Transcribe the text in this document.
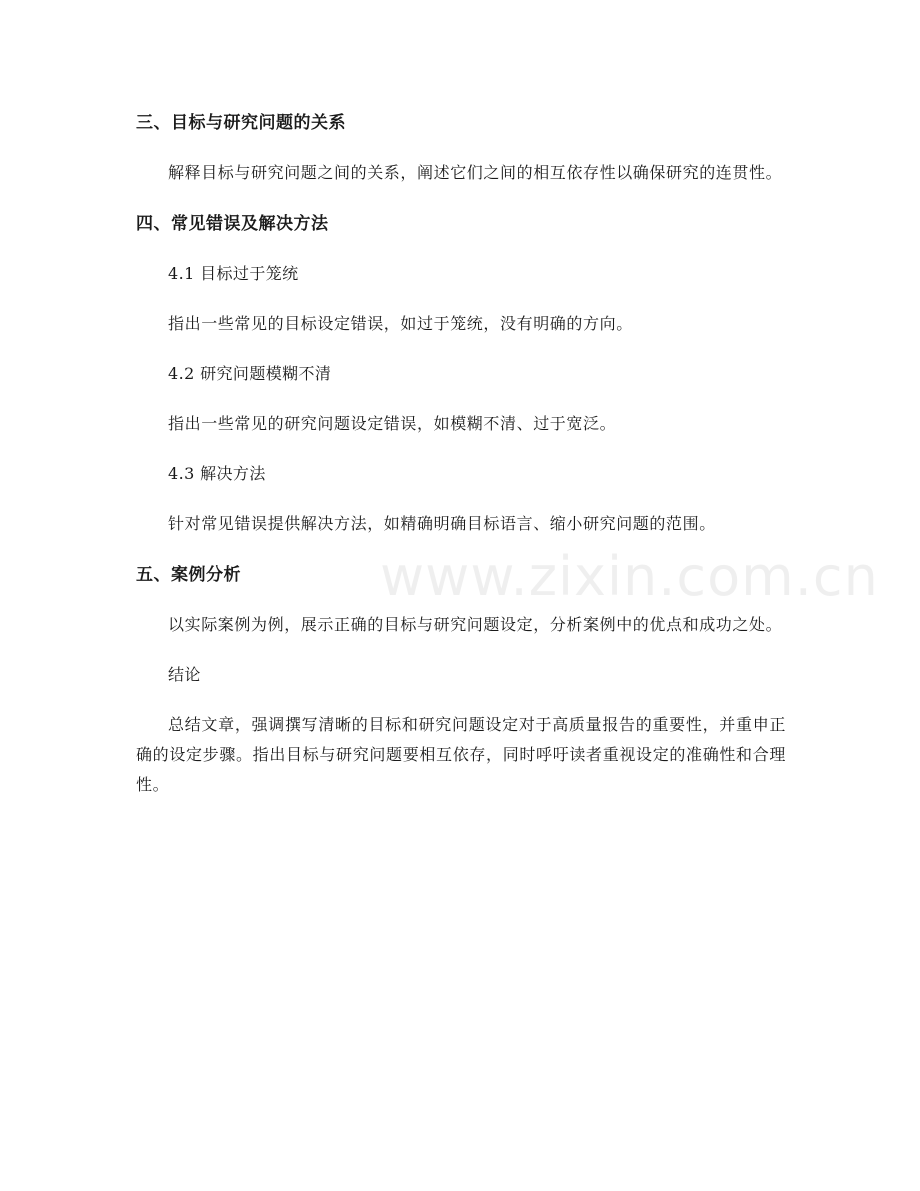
三、目标与研究问题的关系

解释目标与研究问题之间的关系，阐述它们之间的相互依存性以确保研究的连贯性。

四、常见错误及解决方法
4.1 目标过于笼统

指出一些常见的目标设定错误，如过于笼统，没有明确的方向。

4.2 研究问题模糊不清

指出一些常见的研究问题设定错误，如模糊不清、过于宽泛。

4.3 解决方法

针对常见错误提供解决方法，如精确明确目标语言、缩小研究问题的范围。

五、案例分析

以实际案例为例，展示正确的目标与研究问题设定，分析案例中的优点和成功之处。

结论

总结文章，强调撰写清晰的目标和研究问题设定对于高质量报告的重要性，并重申正确的设定步骤。指出目标与研究问题要相互依存，同时呼吁读者重视设定的准确性和合理性。

www.zixin.com.cn
